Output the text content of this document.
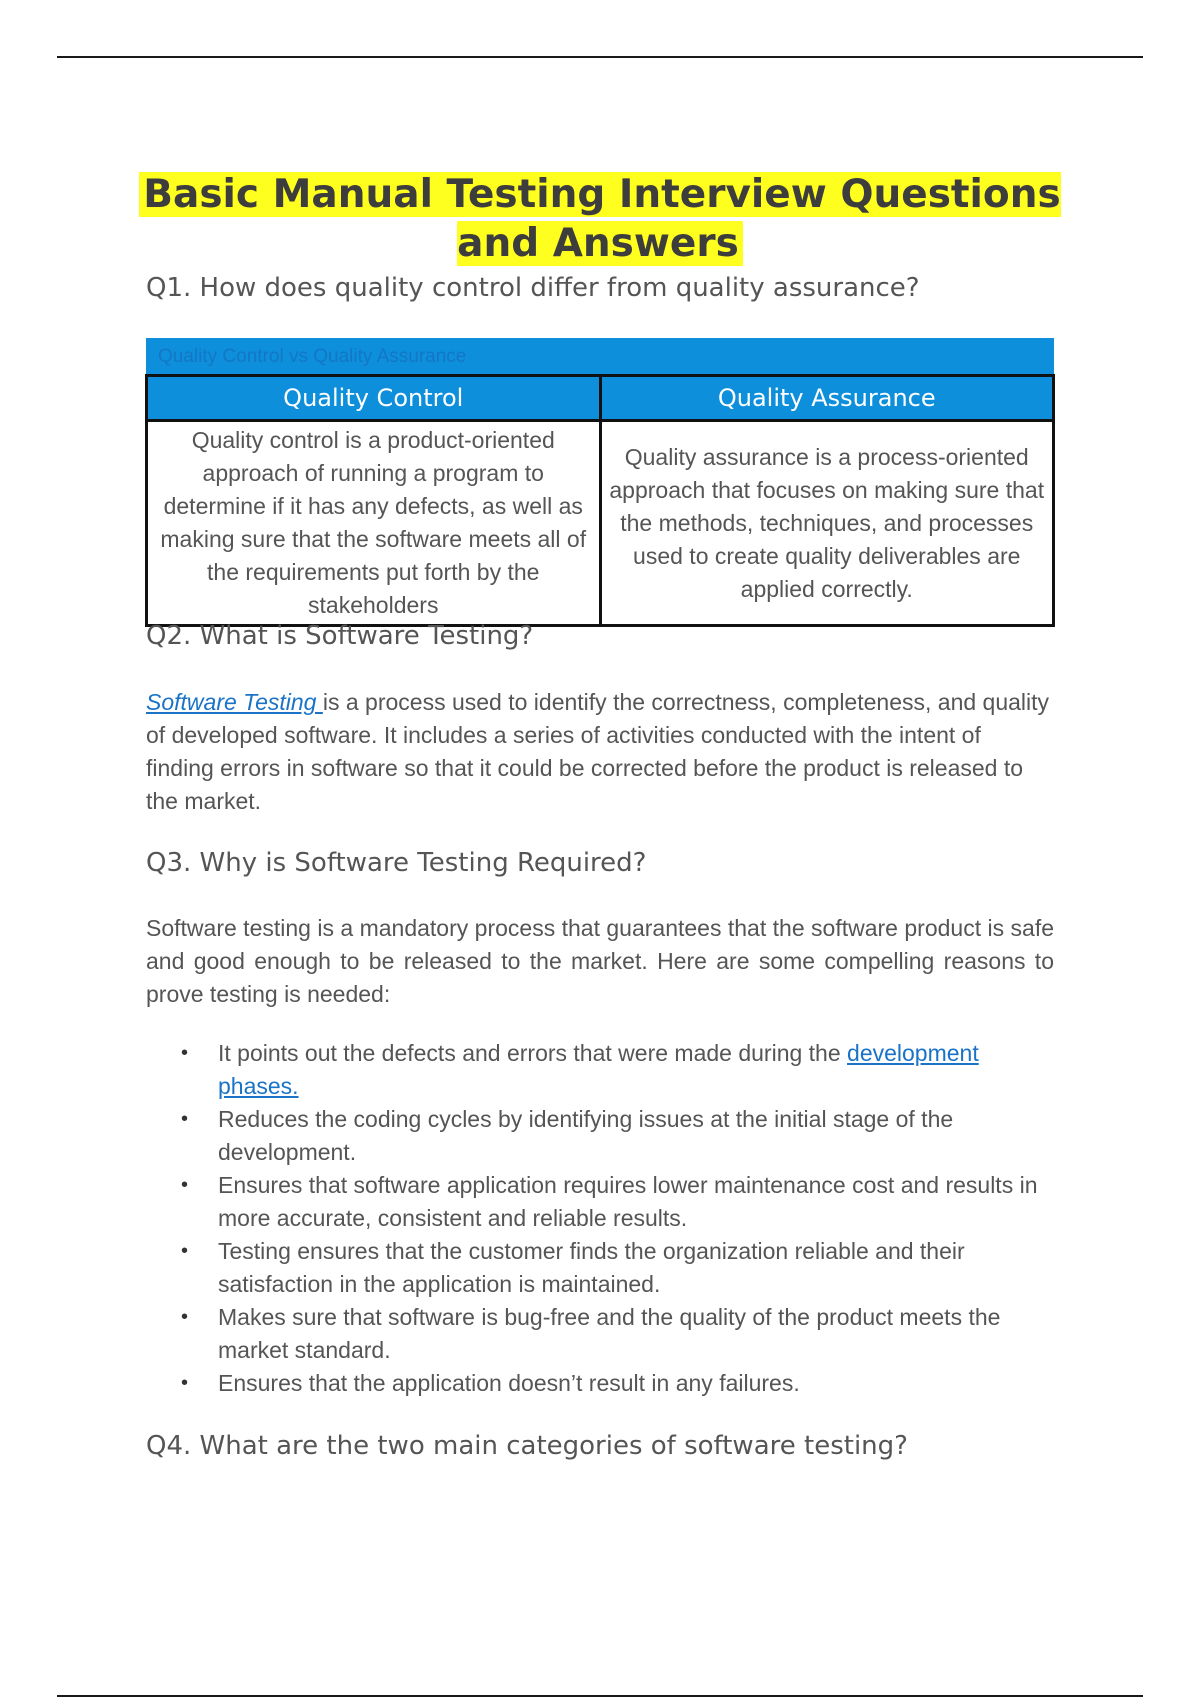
Basic Manual Testing Interview Questions and Answers
Q1. How does quality control differ from quality assurance?
Quality Control vs Quality Assurance
Quality Control	Quality Assurance
Quality control is a product-oriented approach of running a program to determine if it has any defects, as well as making sure that the software meets all of the requirements put forth by the stakeholders	Quality assurance is a process-oriented approach that focuses on making sure that the methods, techniques, and processes used to create quality deliverables are applied correctly.
Q2. What is Software Testing?

Software Testing is a process used to identify the correctness, completeness, and quality of developed software. It includes a series of activities conducted with the intent of finding errors in software so that it could be corrected before the product is released to the market.

Q3. Why is Software Testing Required?

Software testing is a mandatory process that guarantees that the software product is safe and good enough to be released to the market. Here are some compelling reasons to prove testing is needed:

• It points out the defects and errors that were made during the development phases.
• Reduces the coding cycles by identifying issues at the initial stage of the development.
• Ensures that software application requires lower maintenance cost and results in more accurate, consistent and reliable results.
• Testing ensures that the customer finds the organization reliable and their satisfaction in the application is maintained.
• Makes sure that software is bug-free and the quality of the product meets the market standard.
• Ensures that the application doesn’t result in any failures.
Q4. What are the two main categories of software testing?
